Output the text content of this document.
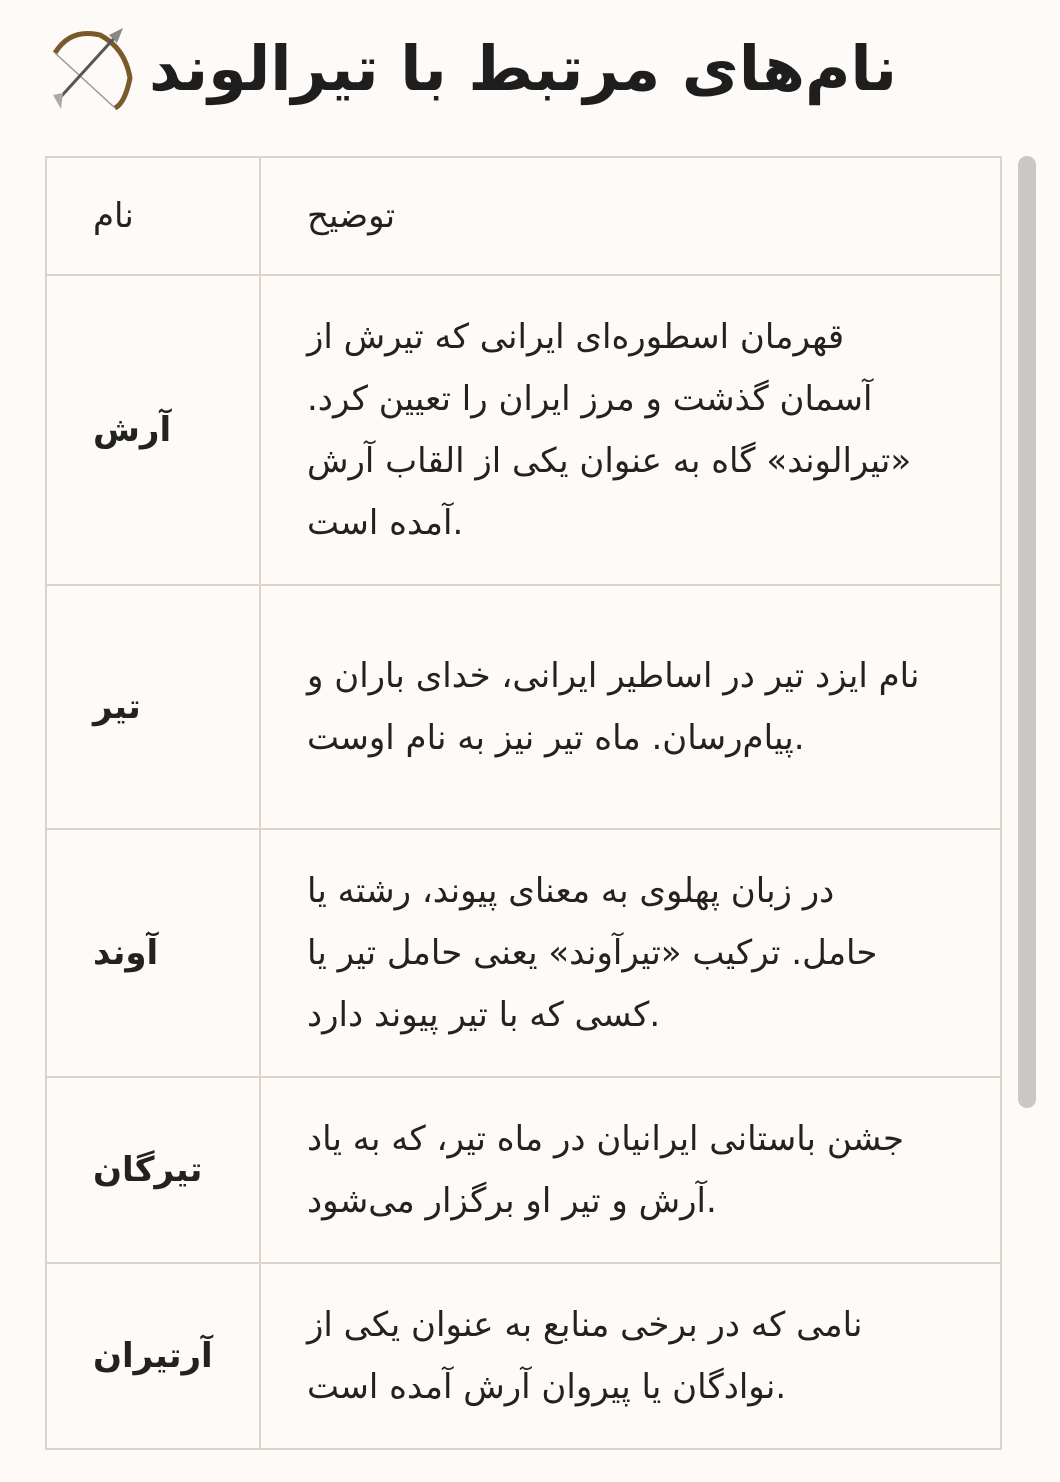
نام‌های مرتبط با تیرالوند
نام	توضیح
آرش	قهرمان اسطوره‌ای ایرانی که تیرش از آسمان گذشت و مرز ایران را تعیین کرد. «تیرالوند» گاه به عنوان یکی از القاب آرش آمده است.
تیر	نام ایزد تیر در اساطیر ایرانی، خدای باران و پیام‌رسان. ماه تیر نیز به نام اوست.
آوند	در زبان پهلوی به معنای پیوند، رشته یا حامل. ترکیب «تیرآوند» یعنی حامل تیر یا کسی که با تیر پیوند دارد.
تیرگان	جشن باستانی ایرانیان در ماه تیر، که به یاد آرش و تیر او برگزار می‌شود.
آرتیران	نامی که در برخی منابع به عنوان یکی از نوادگان یا پیروان آرش آمده است.
